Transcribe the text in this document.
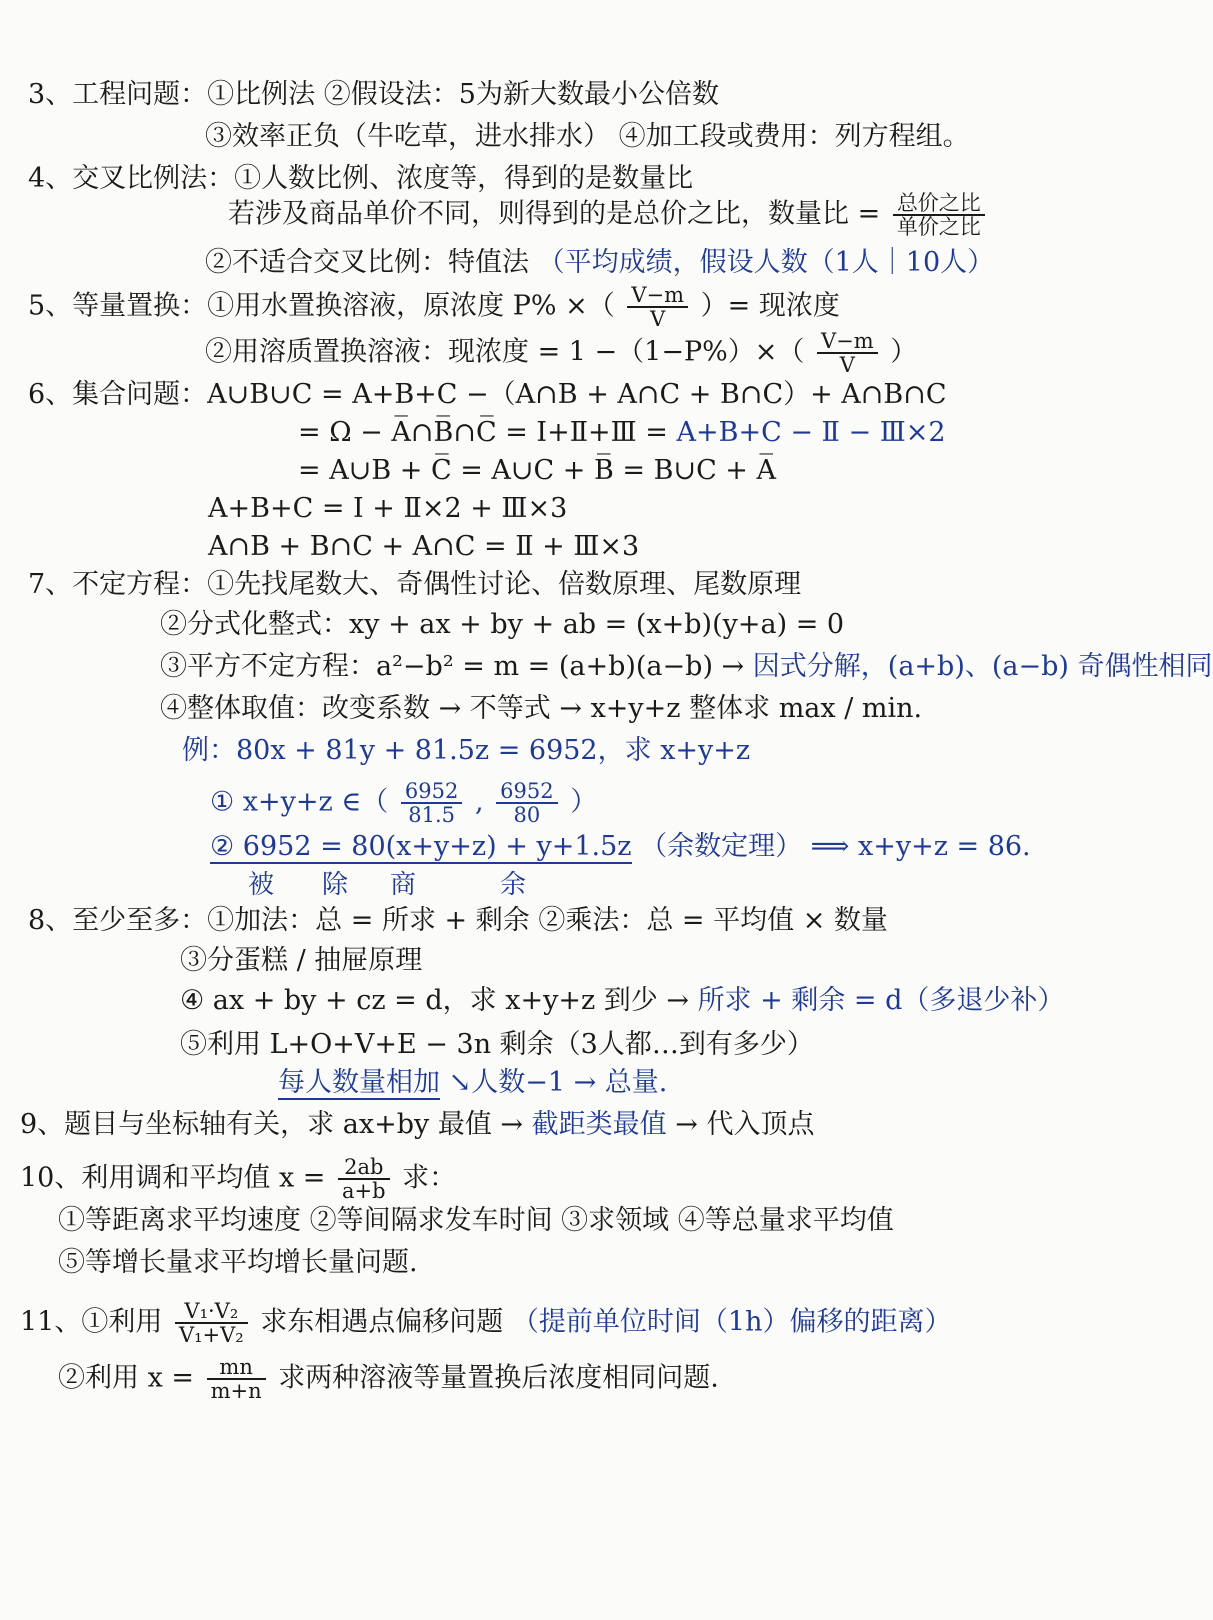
3、工程问题：①比例法 ②假设法：5为新大数最小公倍数
③效率正负（牛吃草，进水排水） ④加工段或费用：列方程组。
4、交叉比例法：①人数比例、浓度等，得到的是数量比
若涉及商品单价不同，则得到的是总价之比，数量比 = $\frac{\text{总价之比}}{\text{单价之比}}$
②不适合交叉比例：特值法 （平均成绩，假设人数（1人｜10人）
5、等量置换：①用水置换溶液，原浓度 P% ×（ $\frac{V-m}{V}$ ）= 现浓度
②用溶质置换溶液：现浓度 = $1 -(1-P\%)\times( \frac{V-m}{V}$ ）
6、集合问题：A∪B∪C = A+B+C −（A∩B + A∩C + B∩C）+ A∩B∩C
= Ω − A̅∩B̅∩C̅ = Ⅰ+Ⅱ+Ⅲ = A+B+C − Ⅱ − Ⅲ×2
= A∪B + C̅ = A∪C + B̅ = B∪C + A̅
A+B+C = Ⅰ + Ⅱ×2 + Ⅲ×3
A∩B + B∩C + A∩C = Ⅱ + Ⅲ×3
7、不定方程：①先找尾数大、奇偶性讨论、倍数原理、尾数原理
②分式化整式：xy + ax + by + ab = (x+b)(y+a) = 0
③平方不定方程：a²−b² = m = (a+b)(a−b) → 因式分解，(a+b)、(a−b) 奇偶性相同
④整体取值：改变系数 → 不等式 → x+y+z 整体求 max / min.
例：80x + 81y + 81.5z = 6952，求 x+y+z
① x+y+z ∈（ $\frac{6952}{81.5}$ , $\frac{6952}{80}$ ）
② 6952 = 80(x+y+z) + y+1.5z （余数定理） ⟹ x+y+z = 86.
被 除 商	余
8、至少至多：①加法：总 = 所求 + 剩余 ②乘法：总 = 平均值 × 数量
③分蛋糕 / 抽屉原理
④ ax + by + cz = d，求 x+y+z 到少 → 所求 + 剩余 = d（多退少补）
⑤利用 L+O+V+E − 3n 剩余（3人都…到有多少）
每人数量相加 ↘人数−1 → 总量.
9、题目与坐标轴有关，求 ax+by 最值 → 截距类最值 → 代入顶点
10、利用调和平均值 $x = \frac{2ab}{a+b}$ 求：
①等距离求平均速度 ②等间隔求发车时间 ③求领域 ④等总量求平均值
⑤等增长量求平均增长量问题.
11、①利用 $\frac{\text{V₁·V₂}}{\text{V₁+V₂}}$ 求东相遇点偏移问题 （提前单位时间（1h）偏移的距离）
②利用 $x = \frac{mn}{m+n}$ 求两种溶液等量置换后浓度相同问题.
